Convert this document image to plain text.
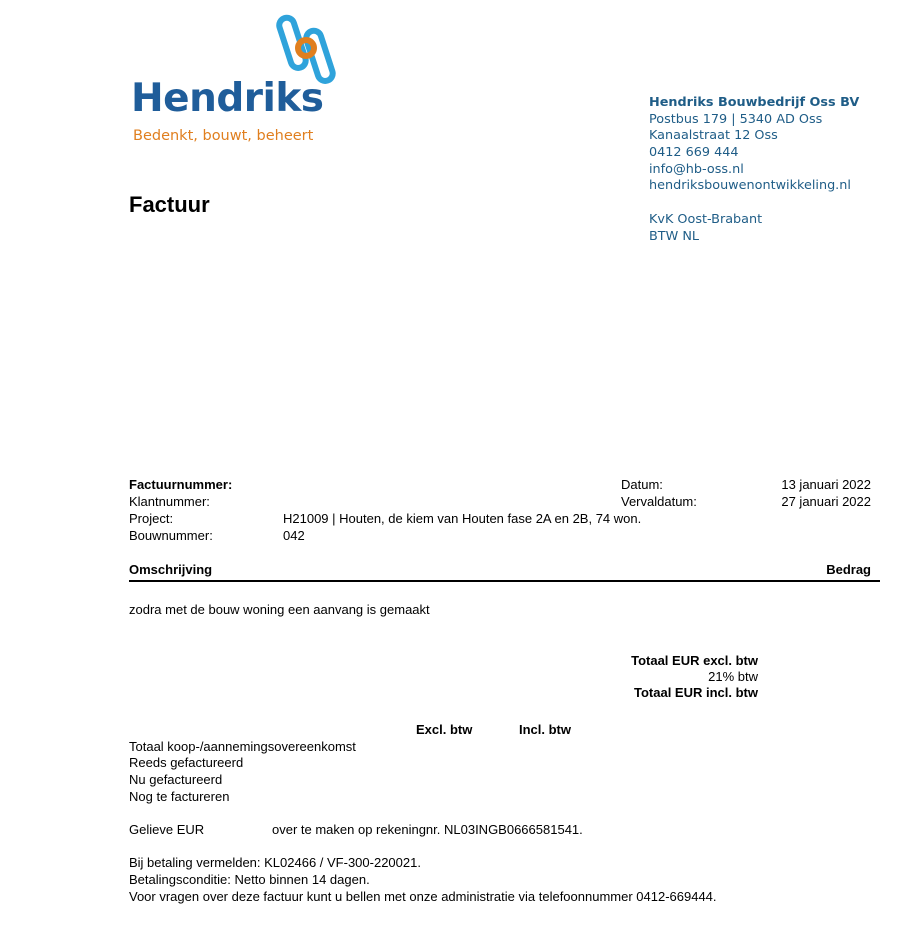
Hendriks
Bedenkt, bouwt, beheert
Hendriks Bouwbedrijf Oss BV
Postbus 179 | 5340 AD Oss
Kanaalstraat 12 Oss
0412 669 444
info@hb-oss.nl
hendriksbouwenontwikkeling.nl
KvK Oost-Brabant
BTW NL
Factuur
Factuurnummer:
Klantnummer:
Project:	H21009 | Houten, de kiem van Houten fase 2A en 2B, 74 won.
Bouwnummer:	042
Datum:	13 januari 2022
Vervaldatum:	27 januari 2022
Omschrijving	Bedrag
zodra met de bouw woning een aanvang is gemaakt
Totaal EUR excl. btw
21% btw
Totaal EUR incl. btw
Excl. btw	Incl. btw
Totaal koop-/aannemingsovereenkomst
Reeds gefactureerd
Nu gefactureerd
Nog te factureren
Gelieve EUR	over te maken op rekeningnr. NL03INGB0666581541.
Bij betaling vermelden: KL02466 / VF-300-220021.
Betalingsconditie: Netto binnen 14 dagen.
Voor vragen over deze factuur kunt u bellen met onze administratie via telefoonnummer 0412-669444.
